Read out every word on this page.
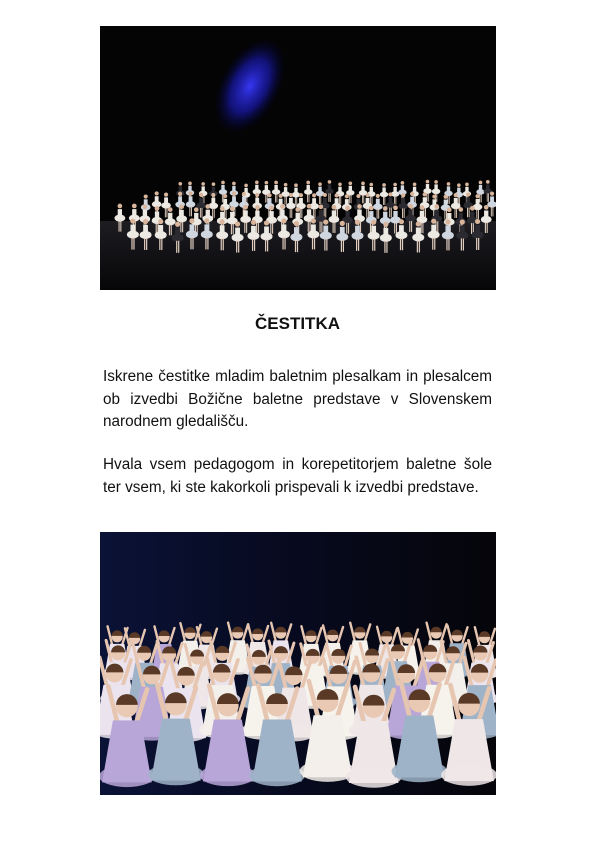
ČESTITKA

Iskrene čestitke mladim baletnim plesalkam in plesalcem ob izvedbi Božične baletne predstave v Slovenskem narodnem gledališču.

Hvala vsem pedagogom in korepetitorjem baletne šole ter vsem, ki ste kakorkoli prispevali k izvedbi predstave.
